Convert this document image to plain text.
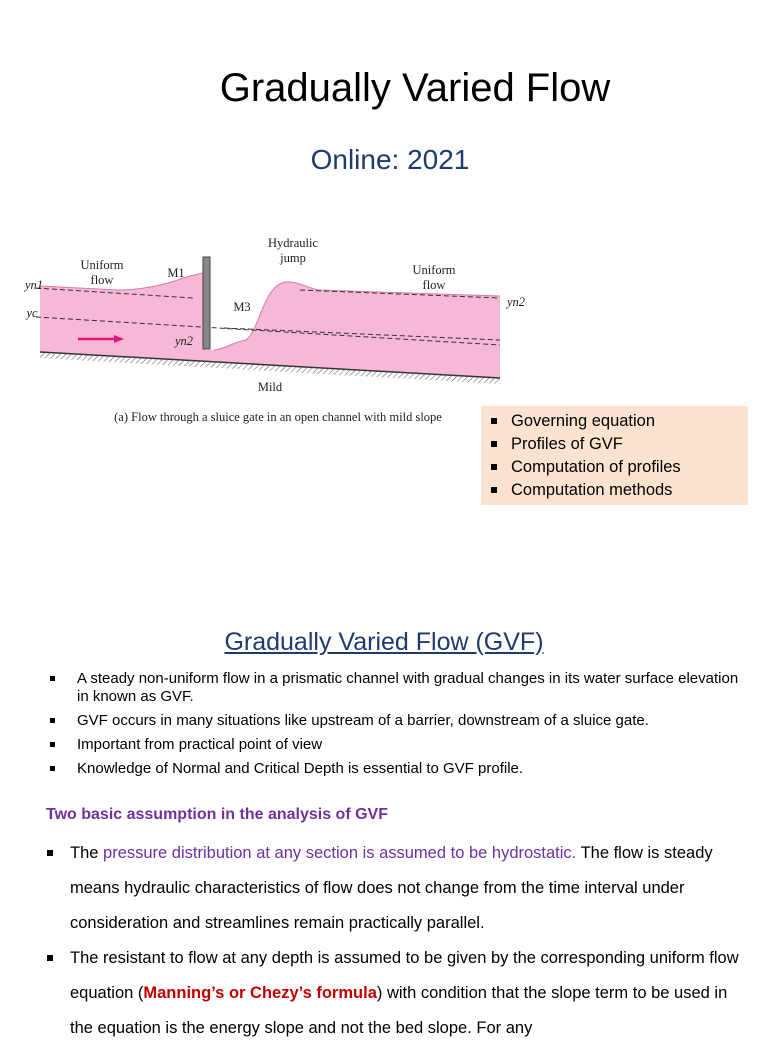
Gradually Varied Flow
Online: 2021
Hydraulic
jump
Uniform
flow
Uniform
flow
M1
M3
yn1
yc
yn2
yn2
Mild
(a) Flow through a sluice gate in an open channel with mild slope	Governing equation
Profiles of GVF
Computation of profiles
Computation methods
Gradually Varied Flow (GVF)
A steady non-uniform flow in a prismatic channel with gradual changes in its water surface elevation in known as GVF.
GVF occurs in many situations like upstream of a barrier, downstream of a sluice gate.
Important from practical point of view
Knowledge of Normal and Critical Depth is essential to GVF profile.
Two basic assumption in the analysis of GVF
The pressure distribution at any section is assumed to be hydrostatic. The flow is steady means hydraulic characteristics of flow does not change from the time interval under consideration and streamlines remain practically parallel.
The resistant to flow at any depth is assumed to be given by the corresponding uniform flow equation (Manning’s or Chezy’s formula) with condition that the slope term to be used in the equation is the energy slope and not the bed slope. For any
